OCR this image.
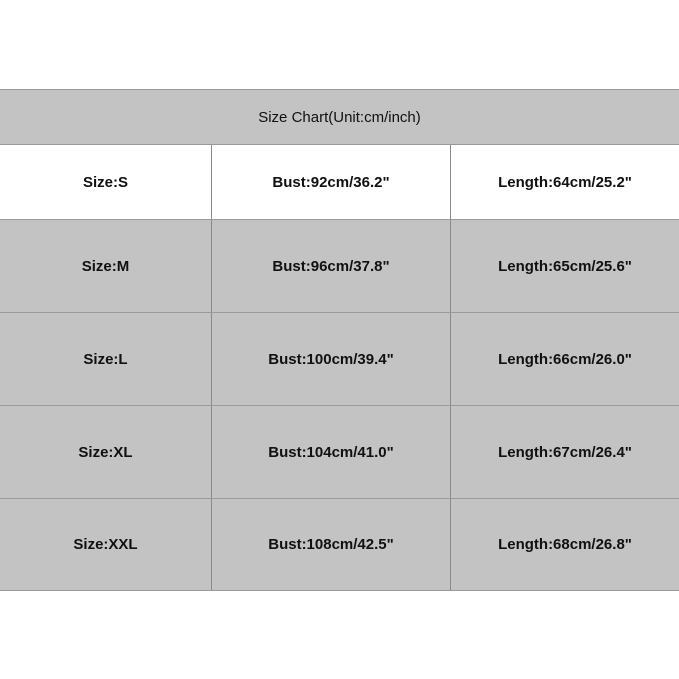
Size Chart(Unit:cm/inch)
Size:S	Bust:92cm/36.2"	Length:64cm/25.2"
Size:M	Bust:96cm/37.8"	Length:65cm/25.6"
Size:L	Bust:100cm/39.4"	Length:66cm/26.0"
Size:XL	Bust:104cm/41.0"	Length:67cm/26.4"
Size:XXL	Bust:108cm/42.5"	Length:68cm/26.8"
